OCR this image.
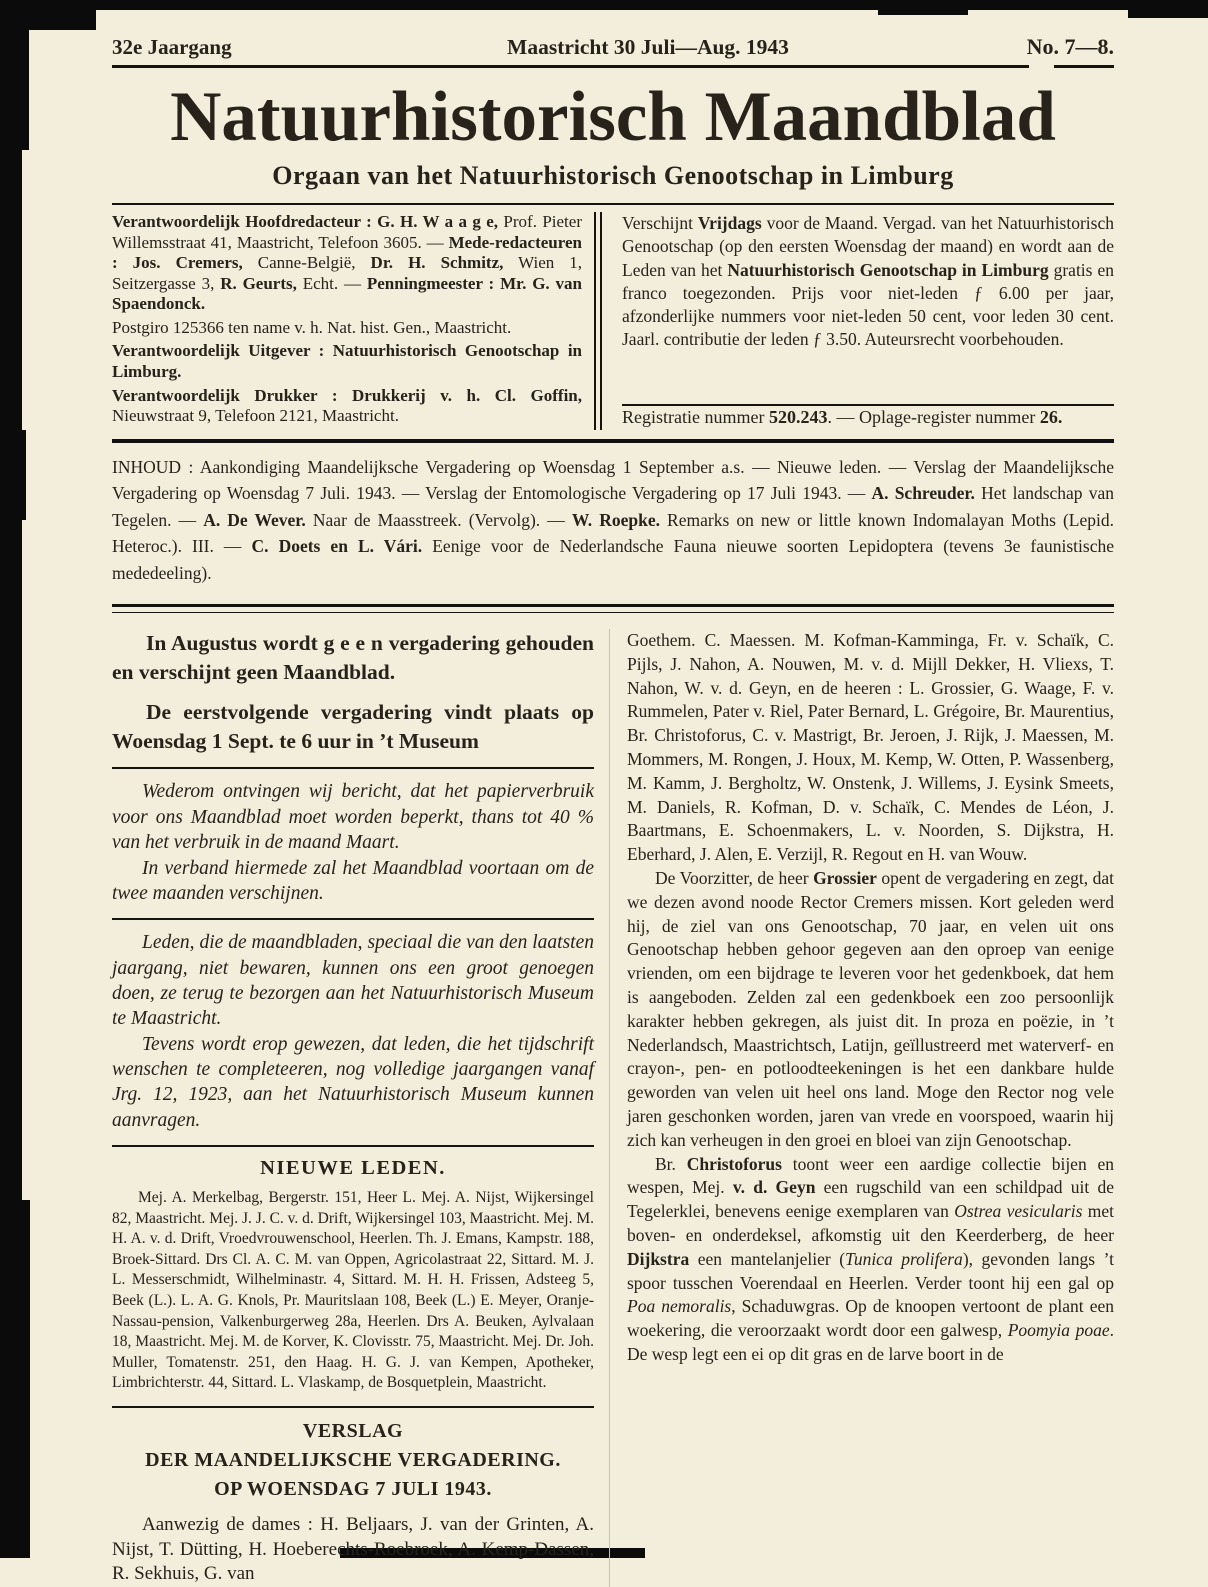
32e Jaargang	Maastricht 30 Juli—Aug. 1943	No. 7—8.
Natuurhistorisch Maandblad
Orgaan van het Natuurhistorisch Genootschap in Limburg

Verantwoordelijk Hoofdredacteur : G. H. W a a g e, Prof. Pieter Willemsstraat 41, Maastricht, Telefoon 3605. — Mede-redacteuren : Jos. Cremers, Canne-België, Dr. H. Schmitz, Wien 1, Seitzergasse 3, R. Geurts, Echt. — Penningmeester : Mr. G. van Spaendonck.

Postgiro 125366 ten name v. h. Nat. hist. Gen., Maastricht.

Verantwoordelijk Uitgever : Natuurhistorisch Genootschap in Limburg.

Verantwoordelijk Drukker : Drukkerij v. h. Cl. Goffin, Nieuwstraat 9, Telefoon 2121, Maastricht.

Verschijnt Vrijdags voor de Maand. Vergad. van het Natuurhistorisch Genootschap (op den eersten Woensdag der maand) en wordt aan de Leden van het Natuurhistorisch Genootschap in Limburg gratis en franco toegezonden. Prijs voor niet-leden ƒ 6.00 per jaar, afzonderlijke nummers voor niet-leden 50 cent, voor leden 30 cent. Jaarl. contributie der leden ƒ 3.50. Auteursrecht voorbehouden.

Registratie nummer 520.243. — Oplage-register nummer 26.

INHOUD : Aankondiging Maandelijksche Vergadering op Woensdag 1 September a.s. — Nieuwe leden. — Verslag der Maandelijksche Vergadering op Woensdag 7 Juli. 1943. — Verslag der Entomologische Vergadering op 17 Juli 1943. — A. Schreuder. Het landschap van Tegelen. — A. De Wever. Naar de Maasstreek. (Vervolg). — W. Roepke. Remarks on new or little known Indomalayan Moths (Lepid. Heteroc.). III. — C. Doets en L. Vári. Eenige voor de Nederlandsche Fauna nieuwe soorten Lepidoptera (tevens 3e faunistische mededeeling).

In Augustus wordt g e e n vergadering gehouden en verschijnt geen Maandblad.

De eerstvolgende vergadering vindt plaats op Woensdag 1 Sept. te 6 uur in ’t Museum

Wederom ontvingen wij bericht, dat het papierverbruik voor ons Maandblad moet worden beperkt, thans tot 40 % van het verbruik in de maand Maart.

In verband hiermede zal het Maandblad voortaan om de twee maanden verschijnen.

Leden, die de maandbladen, speciaal die van den laatsten jaargang, niet bewaren, kunnen ons een groot genoegen doen, ze terug te bezorgen aan het Natuurhistorisch Museum te Maastricht.

Tevens wordt erop gewezen, dat leden, die het tijdschrift wenschen te completeeren, nog volledige jaargangen vanaf Jrg. 12, 1923, aan het Natuurhistorisch Museum kunnen aanvragen.

NIEUWE LEDEN.

Mej. A. Merkelbag, Bergerstr. 151, Heer L. Mej. A. Nijst, Wijkersingel 82, Maastricht. Mej. J. J. C. v. d. Drift, Wijkersingel 103, Maastricht. Mej. M. H. A. v. d. Drift, Vroedvrouwenschool, Heerlen. Th. J. Emans, Kampstr. 188, Broek-Sittard. Drs Cl. A. C. M. van Oppen, Agricolastraat 22, Sittard. M. J. L. Messerschmidt, Wilhelminastr. 4, Sittard. M. H. H. Frissen, Adsteeg 5, Beek (L.). L. A. G. Knols, Pr. Mauritslaan 108, Beek (L.) E. Meyer, Oranje-Nassau-pension, Valkenburgerweg 28a, Heerlen. Drs A. Beuken, Aylvalaan 18, Maastricht. Mej. M. de Korver, K. Clovisstr. 75, Maastricht. Mej. Dr. Joh. Muller, Tomatenstr. 251, den Haag. H. G. J. van Kempen, Apotheker, Limbrichterstr. 44, Sittard. L. Vlaskamp, de Bosquetplein, Maastricht.

VERSLAG
DER MAANDELIJKSCHE VERGADERING.
OP WOENSDAG 7 JULI 1943.

Aanwezig de dames : H. Beljaars, J. van der Grinten, A. Nijst, T. Dütting, H. Hoeberechts-Roebroek, A. Kemp-Dassen, R. Sekhuis, G. van

Goethem. C. Maessen. M. Kofman-Kamminga, Fr. v. Schaïk, C. Pijls, J. Nahon, A. Nouwen, M. v. d. Mijll Dekker, H. Vliexs, T. Nahon, W. v. d. Geyn, en de heeren : L. Grossier, G. Waage, F. v. Rummelen, Pater v. Riel, Pater Bernard, L. Grégoire, Br. Maurentius, Br. Christoforus, C. v. Mastrigt, Br. Jeroen, J. Rijk, J. Maessen, M. Mommers, M. Rongen, J. Houx, M. Kemp, W. Otten, P. Wassenberg, M. Kamm, J. Bergholtz, W. Onstenk, J. Willems, J. Eysink Smeets, M. Daniels, R. Kofman, D. v. Schaïk, C. Mendes de Léon, J. Baartmans, E. Schoenmakers, L. v. Noorden, S. Dijkstra, H. Eberhard, J. Alen, E. Verzijl, R. Regout en H. van Wouw.

De Voorzitter, de heer Grossier opent de vergadering en zegt, dat we dezen avond noode Rector Cremers missen. Kort geleden werd hij, de ziel van ons Genootschap, 70 jaar, en velen uit ons Genootschap hebben gehoor gegeven aan den oproep van eenige vrienden, om een bijdrage te leveren voor het gedenkboek, dat hem is aangeboden. Zelden zal een gedenkboek een zoo persoonlijk karakter hebben gekregen, als juist dit. In proza en poëzie, in ’t Nederlandsch, Maastrichtsch, Latijn, geïllustreerd met waterverf- en crayon-, pen- en potloodteekeningen is het een dankbare hulde geworden van velen uit heel ons land. Moge den Rector nog vele jaren geschonken worden, jaren van vrede en voorspoed, waarin hij zich kan verheugen in den groei en bloei van zijn Genootschap.

Br. Christoforus toont weer een aardige collectie bijen en wespen, Mej. v. d. Geyn een rugschild van een schildpad uit de Tegelerklei, benevens eenige exemplaren van Ostrea vesicularis met boven- en onderdeksel, afkomstig uit den Keerderberg, de heer Dijkstra een mantelanjelier (Tunica prolifera), gevonden langs ’t spoor tusschen Voerendaal en Heerlen. Verder toont hij een gal op Poa nemoralis, Schaduwgras. Op de knoopen vertoont de plant een woekering, die veroorzaakt wordt door een galwesp, Poomyia poae. De wesp legt een ei op dit gras en de larve boort in de
